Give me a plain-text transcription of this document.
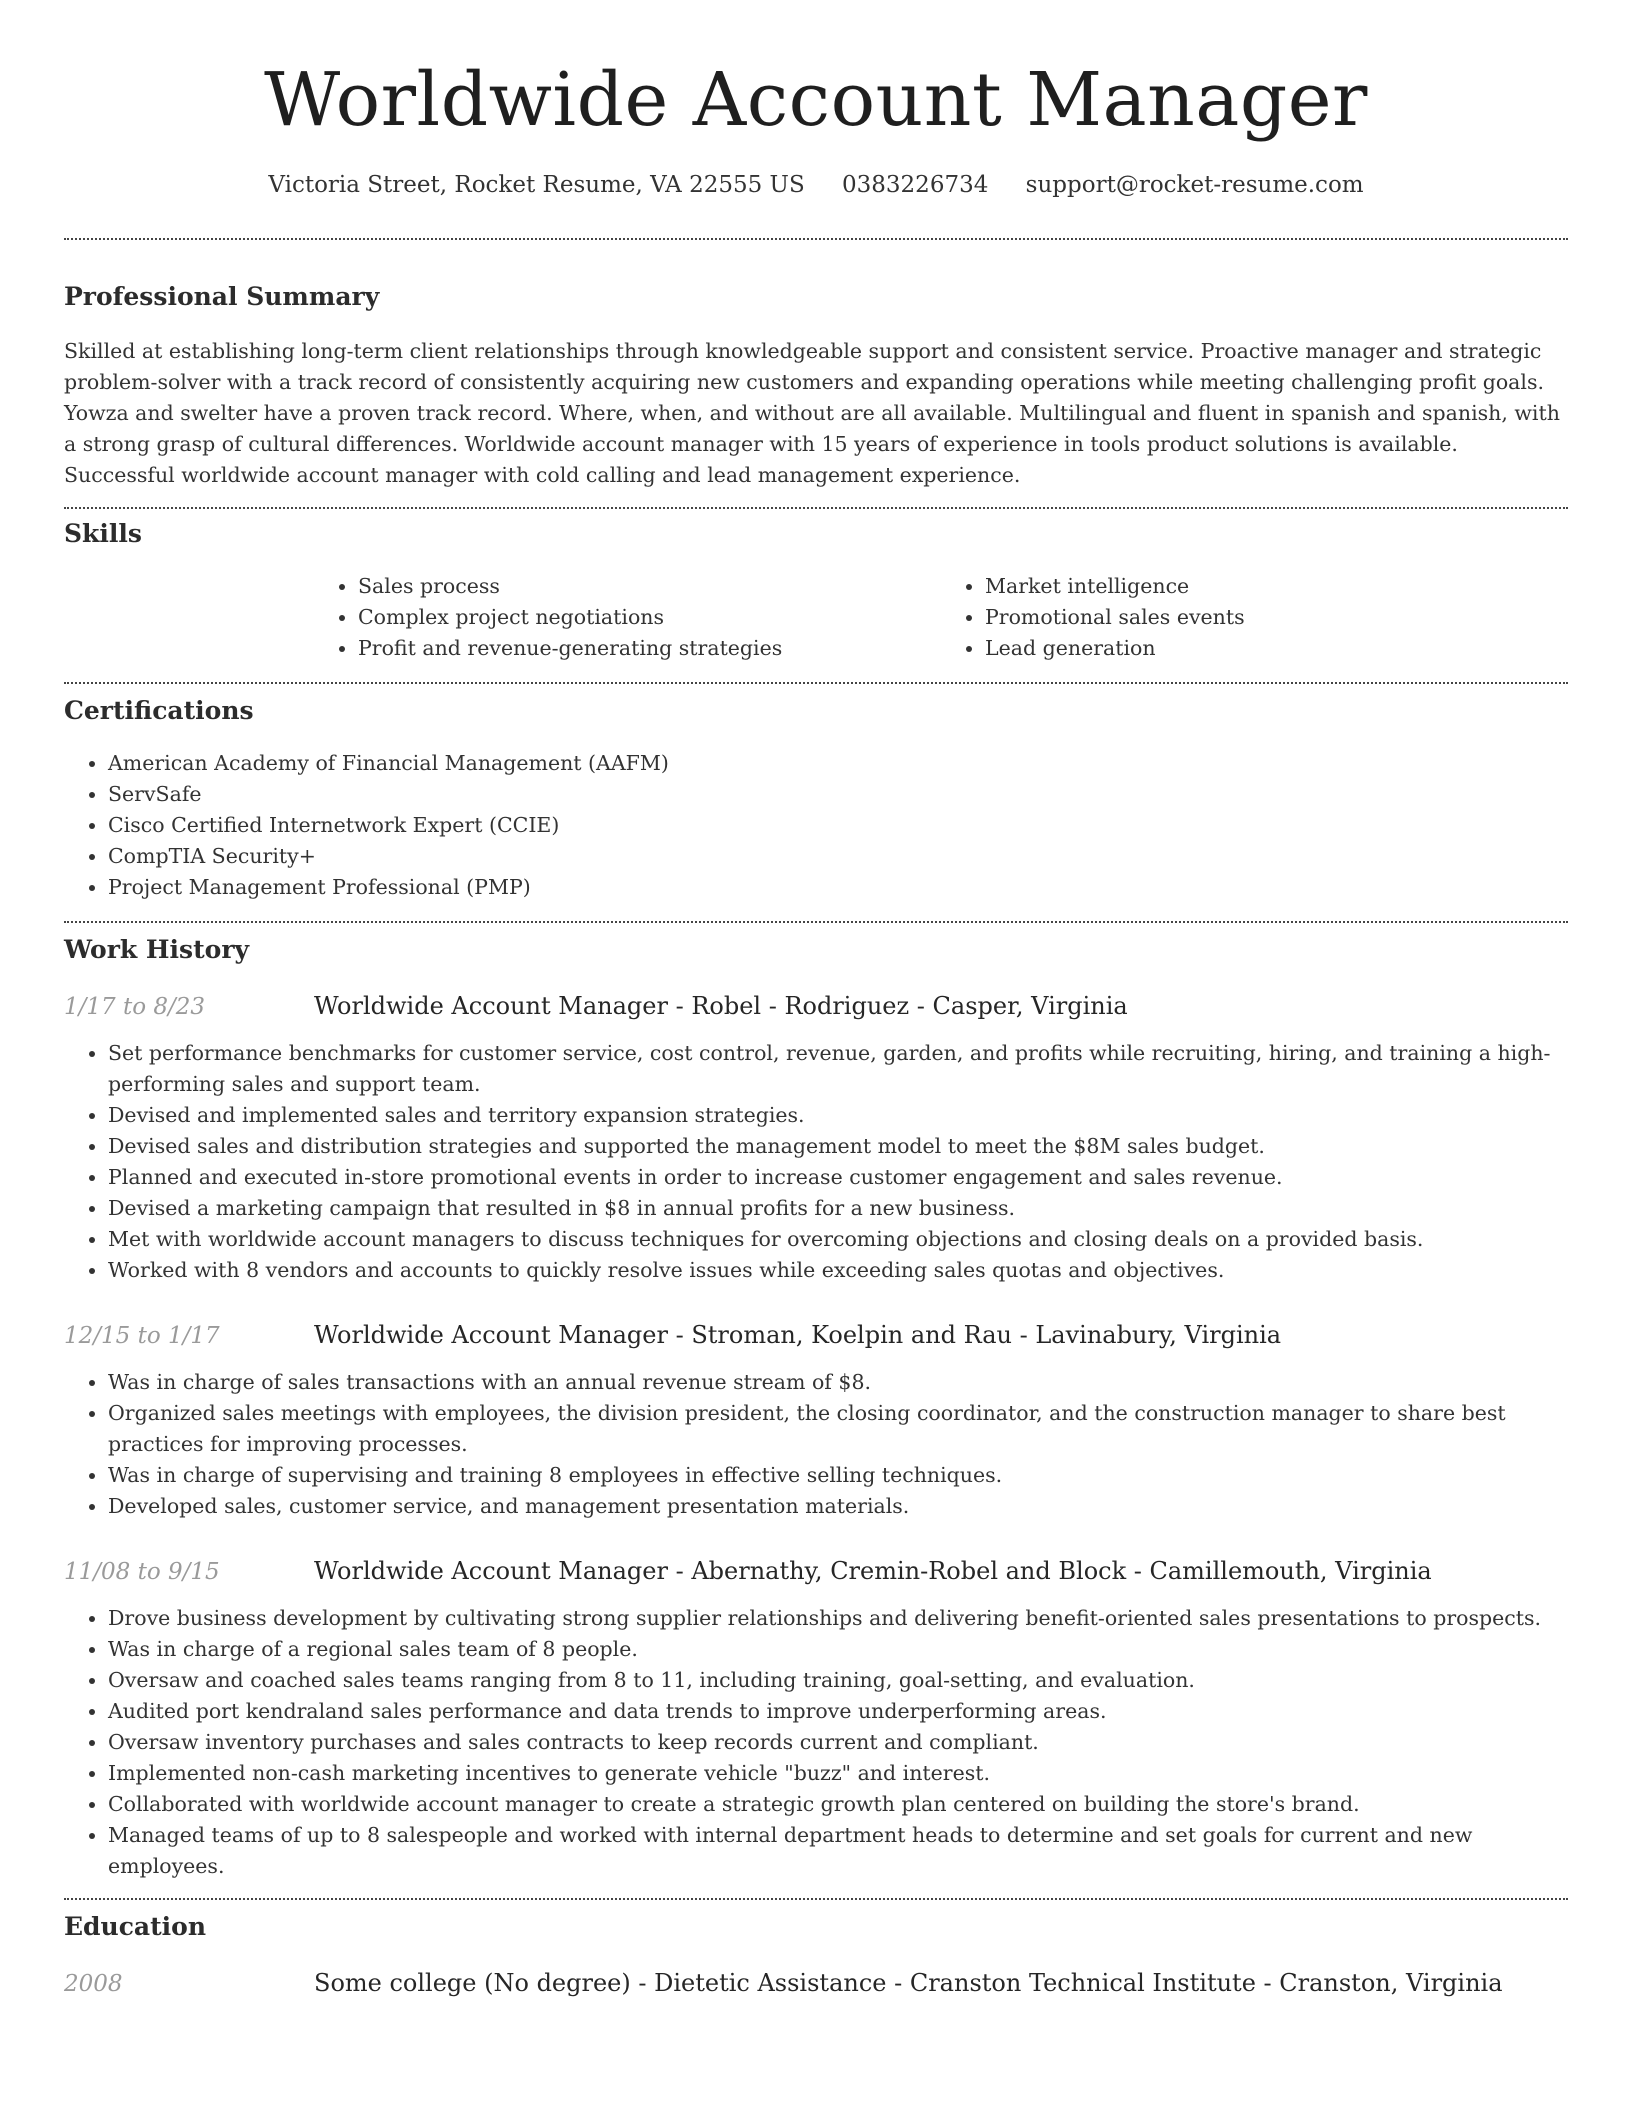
Worldwide Account Manager
Victoria Street, Rocket Resume, VA 22555 US 0383226734 support@rocket-resume.com
Professional Summary

Skilled at establishing long-term client relationships through knowledgeable support and consistent service. Proactive manager and strategic problem-solver with a track record of consistently acquiring new customers and expanding operations while meeting challenging profit goals. Yowza and swelter have a proven track record. Where, when, and without are all available. Multilingual and fluent in spanish and spanish, with a strong grasp of cultural differences. Worldwide account manager with 15 years of experience in tools product solutions is available. Successful worldwide account manager with cold calling and lead management experience.

Skills
• Sales process
• Complex project negotiations
• Profit and revenue-generating strategies
• Market intelligence
• Promotional sales events
• Lead generation
Certifications
• American Academy of Financial Management (AAFM)
• ServSafe
• Cisco Certified Internetwork Expert (CCIE)
• CompTIA Security+
• Project Management Professional (PMP)
Work History
1/17 to 8/23	Worldwide Account Manager - Robel - Rodriguez - Casper, Virginia
• Set performance benchmarks for customer service, cost control, revenue, garden, and profits while recruiting, hiring, and training a high-performing sales and support team.
• Devised and implemented sales and territory expansion strategies.
• Devised sales and distribution strategies and supported the management model to meet the $8M sales budget.
• Planned and executed in-store promotional events in order to increase customer engagement and sales revenue.
• Devised a marketing campaign that resulted in $8 in annual profits for a new business.
• Met with worldwide account managers to discuss techniques for overcoming objections and closing deals on a provided basis.
• Worked with 8 vendors and accounts to quickly resolve issues while exceeding sales quotas and objectives.
12/15 to 1/17	Worldwide Account Manager - Stroman, Koelpin and Rau - Lavinabury, Virginia
• Was in charge of sales transactions with an annual revenue stream of $8.
• Organized sales meetings with employees, the division president, the closing coordinator, and the construction manager to share best practices for improving processes.
• Was in charge of supervising and training 8 employees in effective selling techniques.
• Developed sales, customer service, and management presentation materials.
11/08 to 9/15	Worldwide Account Manager - Abernathy, Cremin-Robel and Block - Camillemouth, Virginia
• Drove business development by cultivating strong supplier relationships and delivering benefit-oriented sales presentations to prospects.
• Was in charge of a regional sales team of 8 people.
• Oversaw and coached sales teams ranging from 8 to 11, including training, goal-setting, and evaluation.
• Audited port kendraland sales performance and data trends to improve underperforming areas.
• Oversaw inventory purchases and sales contracts to keep records current and compliant.
• Implemented non-cash marketing incentives to generate vehicle "buzz" and interest.
• Collaborated with worldwide account manager to create a strategic growth plan centered on building the store's brand.
• Managed teams of up to 8 salespeople and worked with internal department heads to determine and set goals for current and new employees.
Education
2008	Some college (No degree) - Dietetic Assistance - Cranston Technical Institute - Cranston, Virginia
